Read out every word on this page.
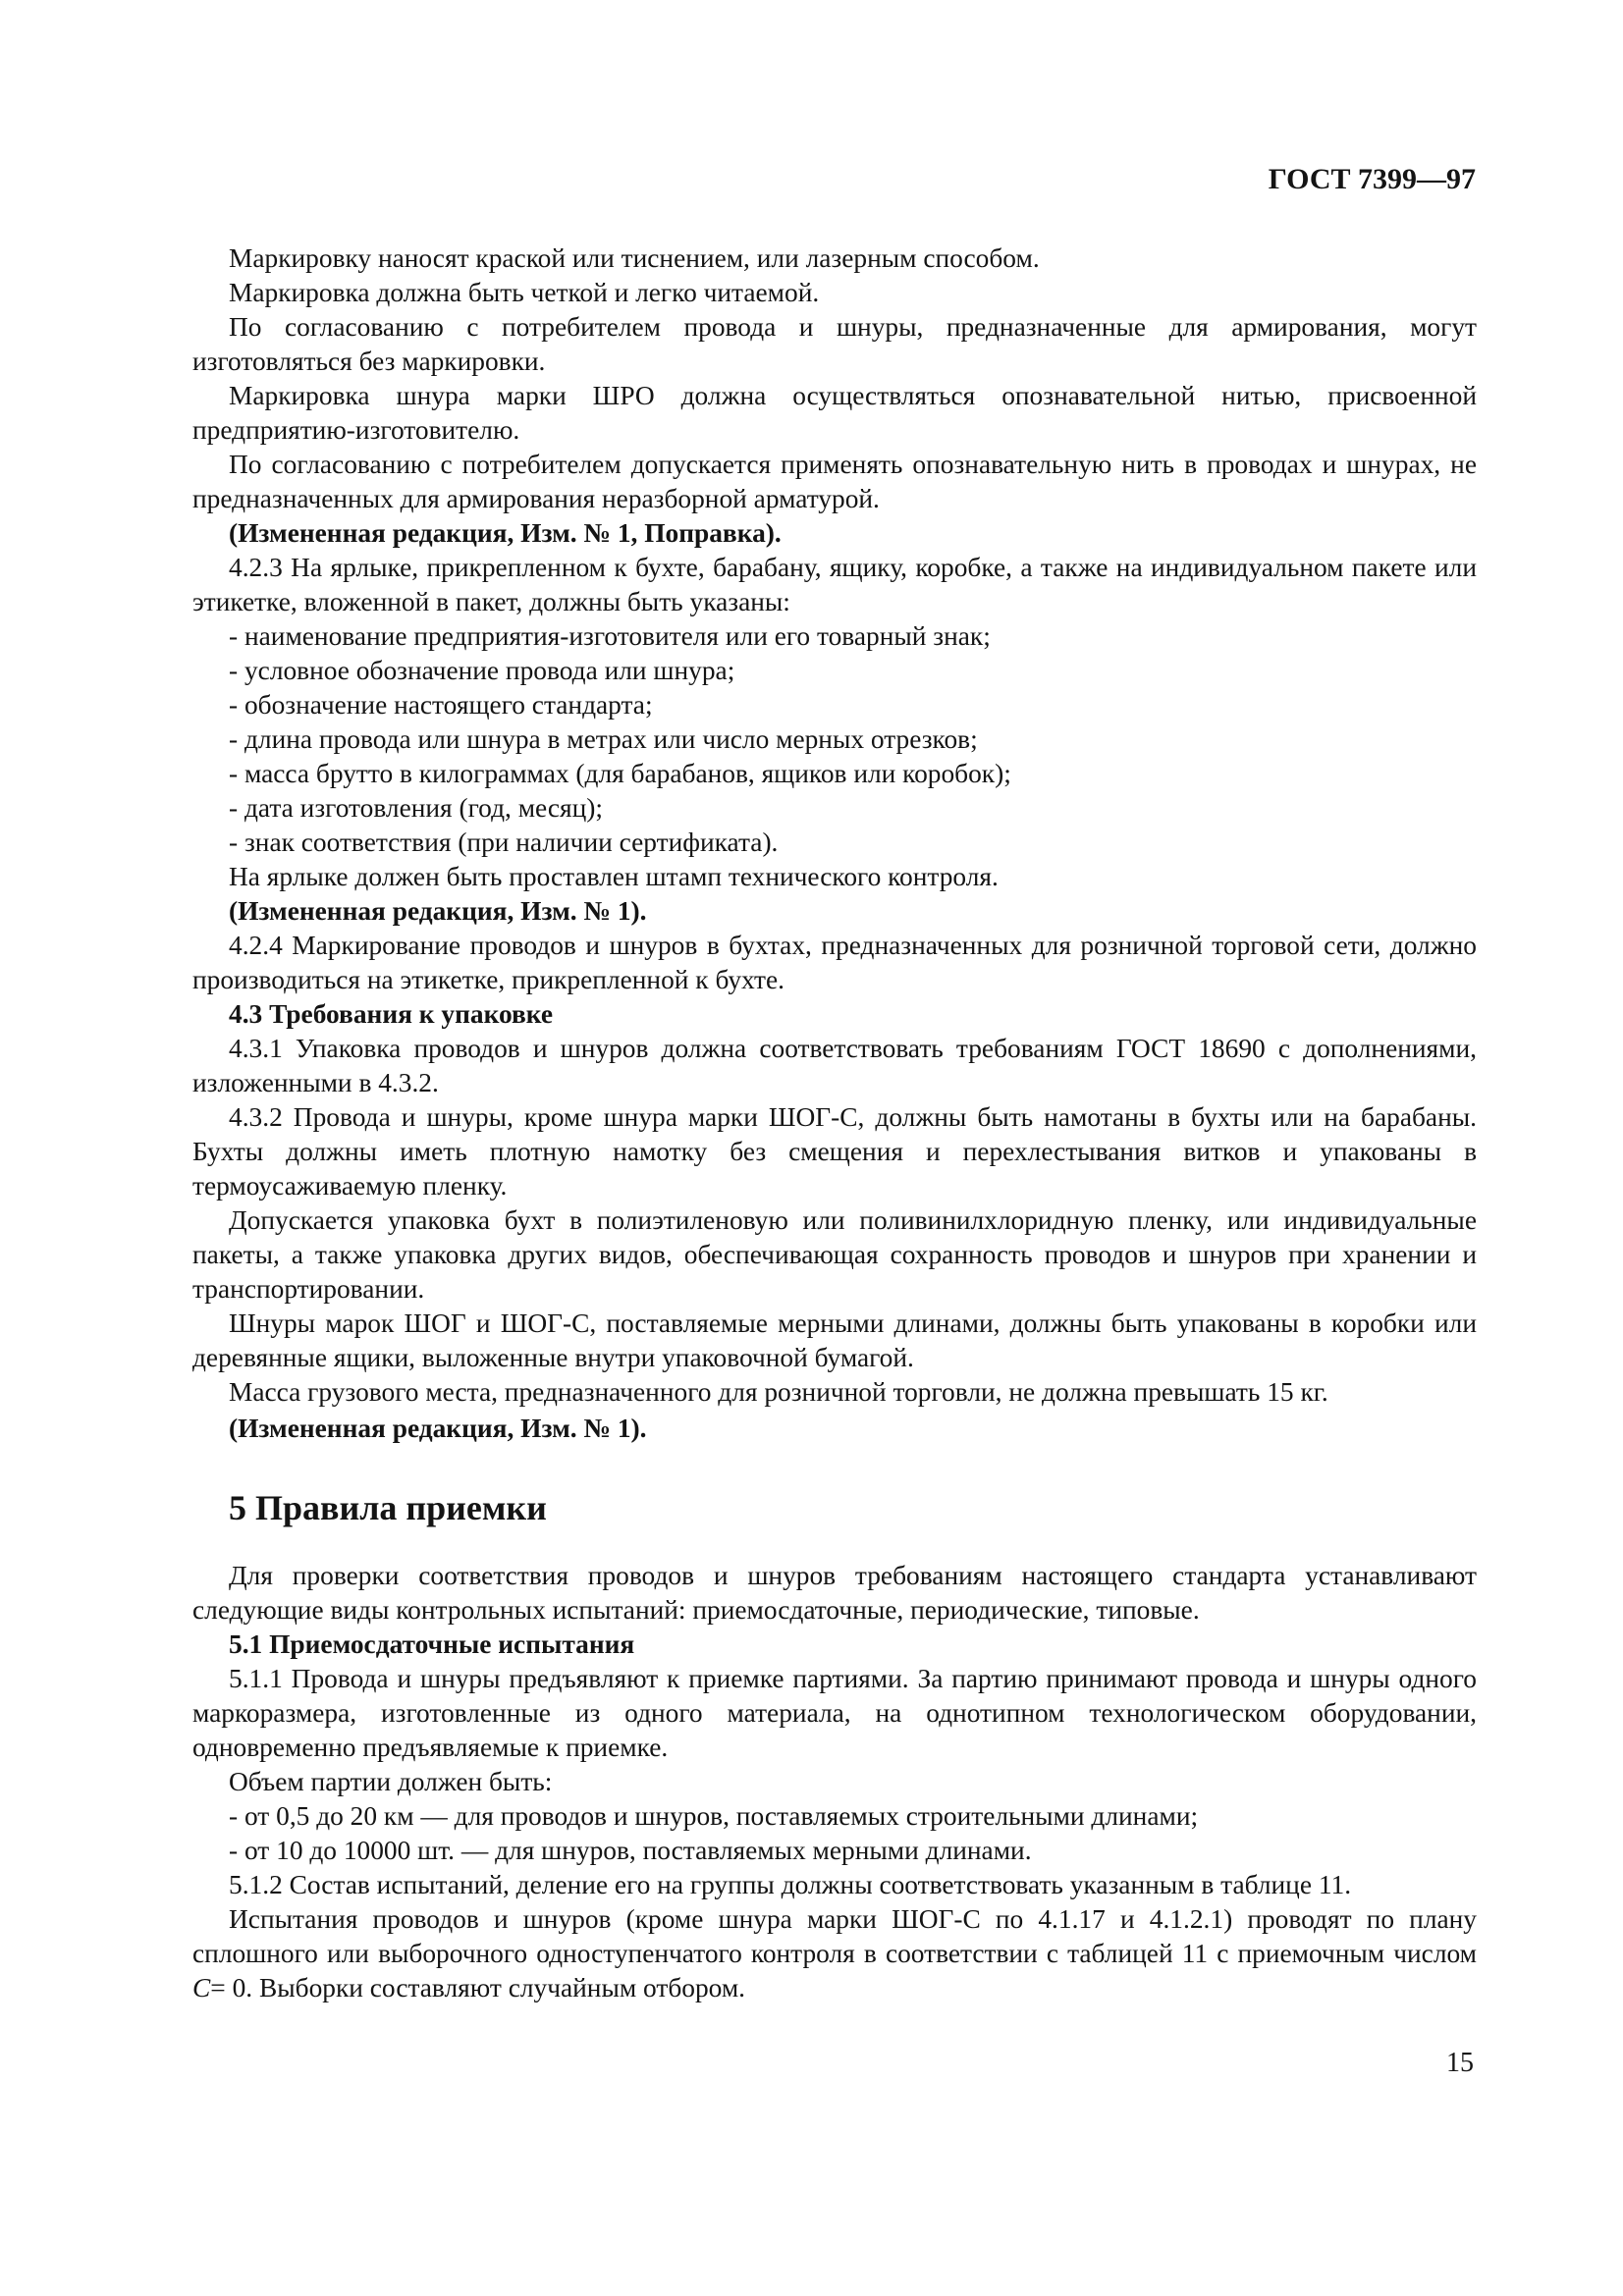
ГОСТ 7399—97

Маркировку наносят краской или тиснением, или лазерным способом.

Маркировка должна быть четкой и легко читаемой.

По согласованию с потребителем провода и шнуры, предназначенные для армирования, могут изготовляться без маркировки.

Маркировка шнура марки ШРО должна осуществляться опознавательной нитью, присвоенной предприятию-изготовителю.

По согласованию с потребителем допускается применять опознавательную нить в проводах и шнурах, не предназначенных для армирования неразборной арматурой.

(Измененная редакция, Изм. № 1, Поправка).

4.2.3 На ярлыке, прикрепленном к бухте, барабану, ящику, коробке, а также на индивидуальном пакете или этикетке, вложенной в пакет, должны быть указаны:

- наименование предприятия-изготовителя или его товарный знак;

- условное обозначение провода или шнура;

- обозначение настоящего стандарта;

- длина провода или шнура в метрах или число мерных отрезков;

- масса брутто в килограммах (для барабанов, ящиков или коробок);

- дата изготовления (год, месяц);

- знак соответствия (при наличии сертификата).

На ярлыке должен быть проставлен штамп технического контроля.

(Измененная редакция, Изм. № 1).

4.2.4 Маркирование проводов и шнуров в бухтах, предназначенных для розничной торговой сети, должно производиться на этикетке, прикрепленной к бухте.

4.3 Требования к упаковке

4.3.1 Упаковка проводов и шнуров должна соответствовать требованиям ГОСТ 18690 с дополнениями, изложенными в 4.3.2.

4.3.2 Провода и шнуры, кроме шнура марки ШОГ-С, должны быть намотаны в бухты или на барабаны. Бухты должны иметь плотную намотку без смещения и перехлестывания витков и упакованы в термоусаживаемую пленку.

Допускается упаковка бухт в полиэтиленовую или поливинилхлоридную пленку, или индивидуальные пакеты, а также упаковка других видов, обеспечивающая сохранность проводов и шнуров при хранении и транспортировании.

Шнуры марок ШОГ и ШОГ-С, поставляемые мерными длинами, должны быть упакованы в коробки или деревянные ящики, выложенные внутри упаковочной бумагой.

Масса грузового места, предназначенного для розничной торговли, не должна превышать 15 кг.

(Измененная редакция, Изм. № 1).

5 Правила приемки

Для проверки соответствия проводов и шнуров требованиям настоящего стандарта устанавливают следующие виды контрольных испытаний: приемосдаточные, периодические, типовые.

5.1 Приемосдаточные испытания

5.1.1 Провода и шнуры предъявляют к приемке партиями. За партию принимают провода и шнуры одного маркоразмера, изготовленные из одного материала, на однотипном технологическом оборудовании, одновременно предъявляемые к приемке.

Объем партии должен быть:

- от 0,5 до 20 км — для проводов и шнуров, поставляемых строительными длинами;

- от 10 до 10000 шт. — для шнуров, поставляемых мерными длинами.

5.1.2 Состав испытаний, деление его на группы должны соответствовать указанным в таблице 11.

Испытания проводов и шнуров (кроме шнура марки ШОГ-С по 4.1.17 и 4.1.2.1) проводят по плану сплошного или выборочного одноступенчатого контроля в соответствии с таблицей 11 с приемочным числом C= 0. Выборки составляют случайным отбором.

15
